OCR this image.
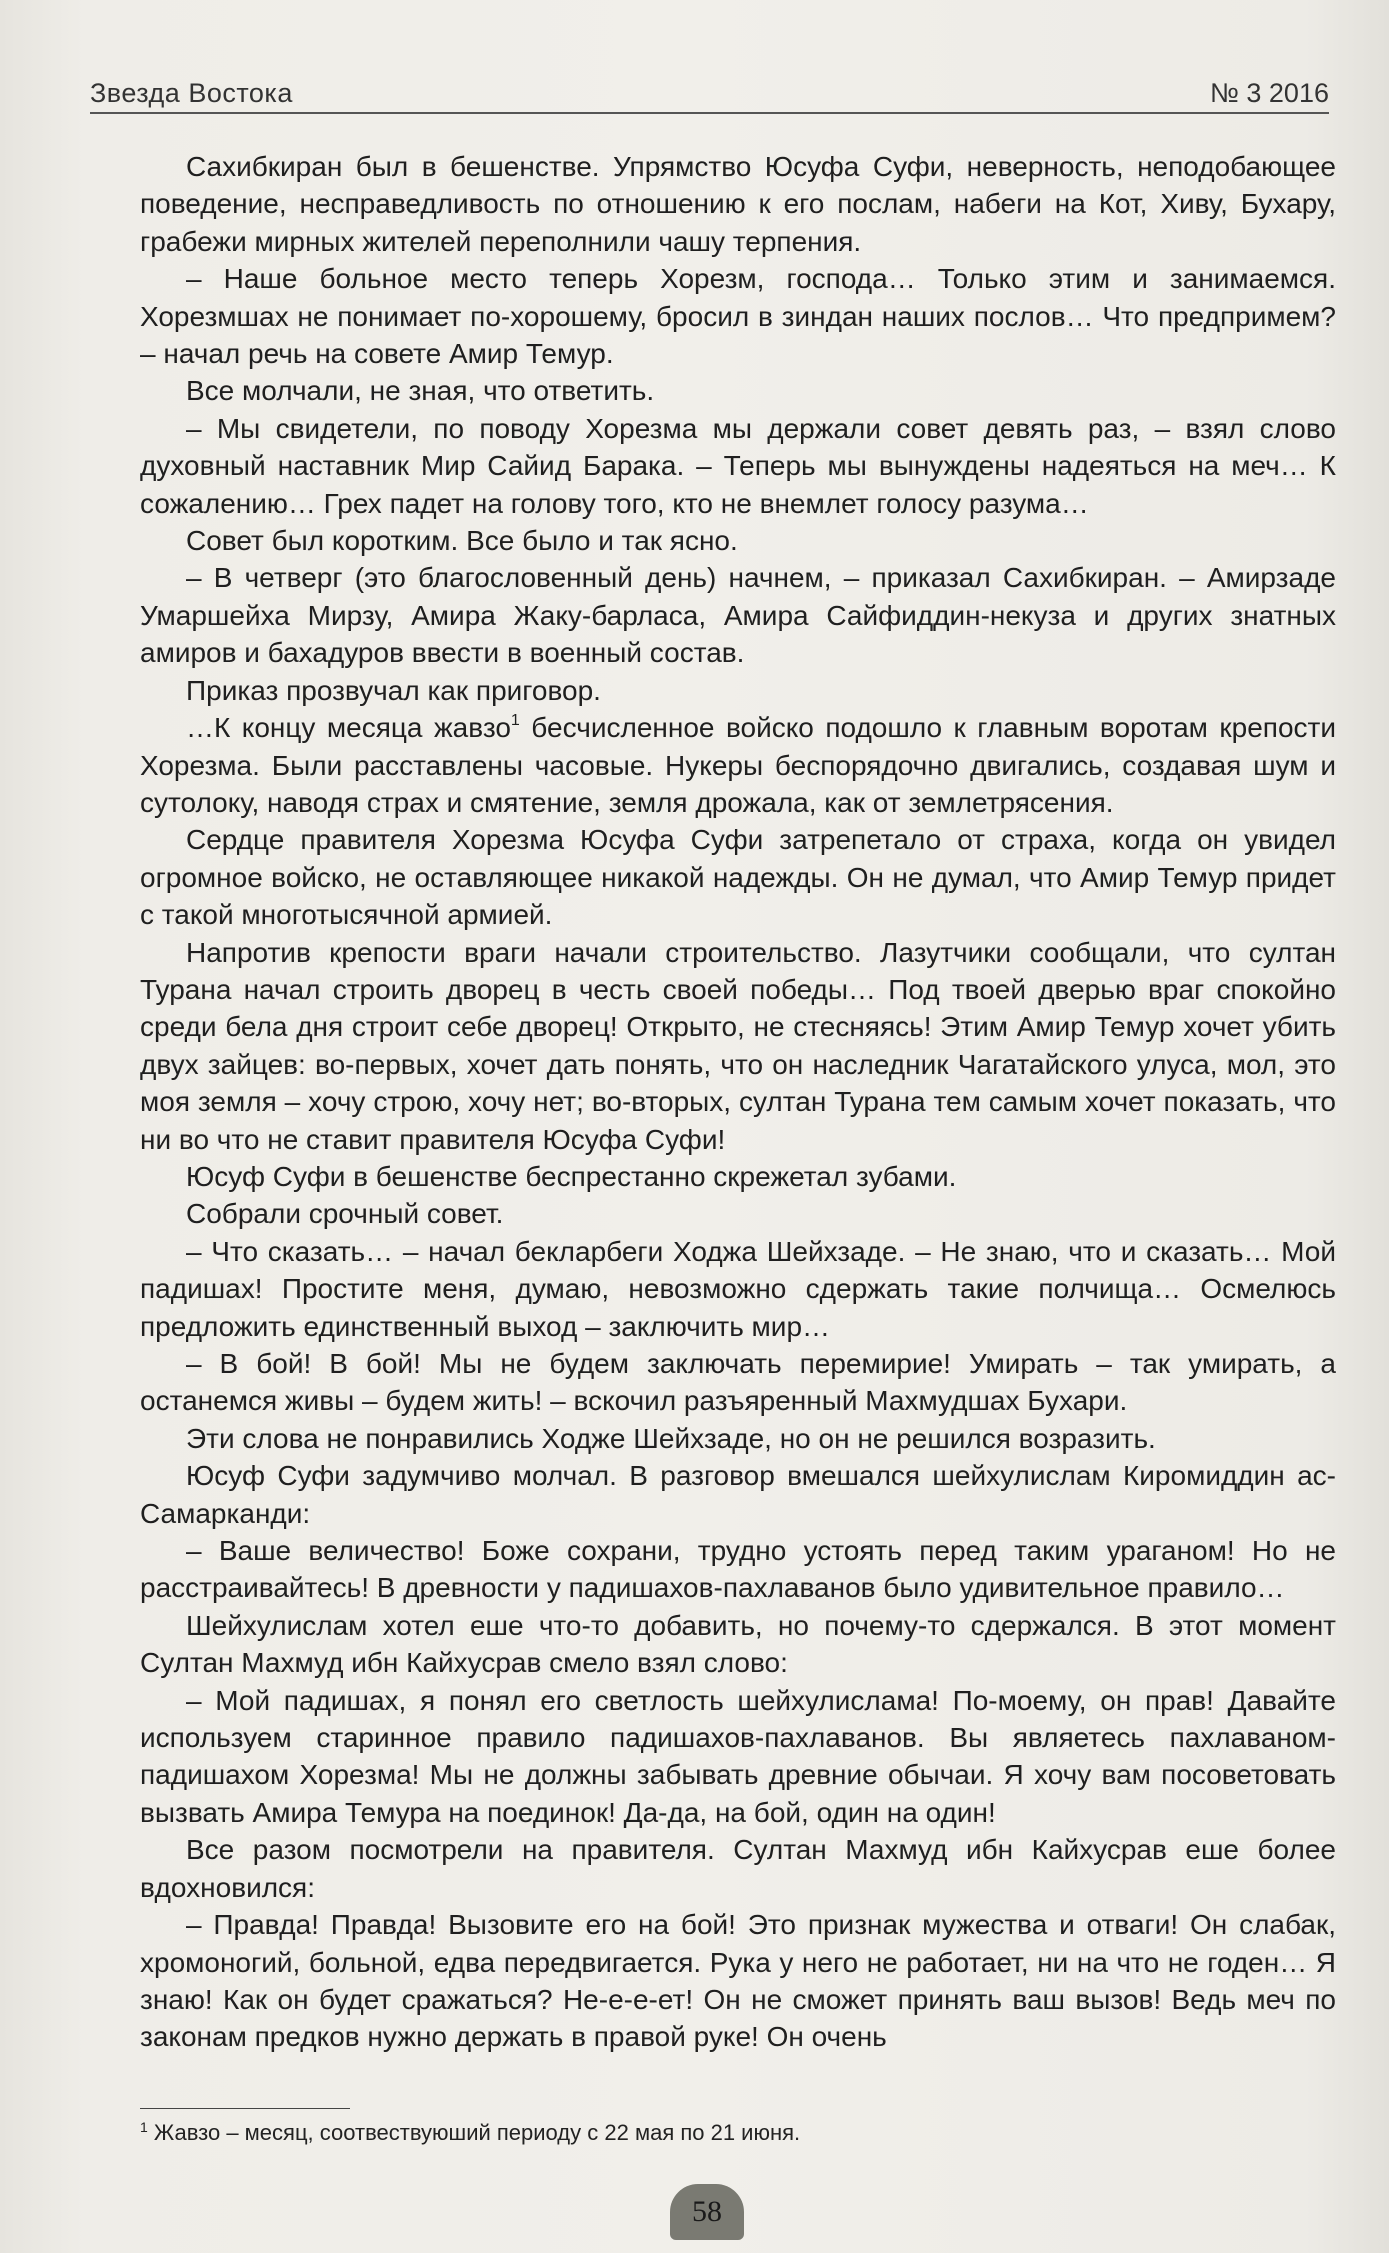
Звезда Востока	№ 3 2016

Сахибкиран был в бешенстве. Упрямство Юсуфа Суфи, неверность, неподобающее поведение, несправедливость по отношению к его послам, набеги на Кот, Хиву, Бухару, грабежи мирных жителей переполнили чашу терпения.

– Наше больное место теперь Хорезм, господа… Только этим и занимаемся. Хорезмшах не понимает по-хорошему, бросил в зиндан наших послов… Что предпримем? – начал речь на совете Амир Темур.

Все молчали, не зная, что ответить.

– Мы свидетели, по поводу Хорезма мы держали совет девять раз, – взял слово духовный наставник Мир Сайид Барака. – Теперь мы вынуждены надеяться на меч… К сожалению… Грех падет на голову того, кто не внемлет голосу разума…

Совет был коротким. Все было и так ясно.

– В четверг (это благословенный день) начнем, – приказал Сахибкиран. – Амирзаде Умаршейха Мирзу, Амира Жаку-барласа, Амира Сайфиддин-некуза и других знатных амиров и бахадуров ввести в военный состав.

Приказ прозвучал как приговор.

…К концу месяца жавзо$^1$ бесчисленное войско подошло к главным воротам крепости Хорезма. Были расставлены часовые. Нукеры беспорядочно двигались, создавая шум и сутолоку, наводя страх и смятение, земля дрожала, как от землетрясения.

Сердце правителя Хорезма Юсуфа Суфи затрепетало от страха, когда он увидел огромное войско, не оставляющее никакой надежды. Он не думал, что Амир Темур придет с такой многотысячной армией.

Напротив крепости враги начали строительство. Лазутчики сообщали, что султан Турана начал строить дворец в честь своей победы… Под твоей дверью враг спокойно среди бела дня строит себе дворец! Открыто, не стесняясь! Этим Амир Темур хочет убить двух зайцев: во-первых, хочет дать понять, что он наследник Чагатайского улуса, мол, это моя земля – хочу строю, хочу нет; во-вторых, султан Турана тем самым хочет показать, что ни во что не ставит правителя Юсуфа Суфи!

Юсуф Суфи в бешенстве беспрестанно скрежетал зубами.

Собрали срочный совет.

– Что сказать… – начал бекларбеги Ходжа Шейхзаде. – Не знаю, что и сказать… Мой падишах! Простите меня, думаю, невозможно сдержать такие полчища… Осмелюсь предложить единственный выход – заключить мир…

– В бой! В бой! Мы не будем заключать перемирие! Умирать – так умирать, а останемся живы – будем жить! – вскочил разъяренный Махмудшах Бухари.

Эти слова не понравились Ходже Шейхзаде, но он не решился возразить.

Юсуф Суфи задумчиво молчал. В разговор вмешался шейхулислам Киромиддин ас-Самарканди:

– Ваше величество! Боже сохрани, трудно устоять перед таким ураганом! Но не расстраивайтесь! В древности у падишахов-пахлаванов было удивительное правило…

Шейхулислам хотел еше что-то добавить, но почему-то сдержался. В этот момент Султан Махмуд ибн Кайхусрав смело взял слово:

– Мой падишах, я понял его светлость шейхулислама! По-моему, он прав! Давайте используем старинное правило падишахов-пахлаванов. Вы являетесь пахлаваном-падишахом Хорезма! Мы не должны забывать древние обычаи. Я хочу вам посоветовать вызвать Амира Темура на поединок! Да-да, на бой, один на один!

Все разом посмотрели на правителя. Султан Махмуд ибн Кайхусрав еше более вдохновился:

– Правда! Правда! Вызовите его на бой! Это признак мужества и отваги! Он слабак, хромоногий, больной, едва передвигается. Рука у него не работает, ни на что не годен… Я знаю! Как он будет сражаться? Не-е-е-ет! Он не сможет принять ваш вызов! Ведь меч по законам предков нужно держать в правой руке! Он очень

$^1$ Жавзо – месяц, соотвествуюший периоду с 22 мая по 21 июня.
58
